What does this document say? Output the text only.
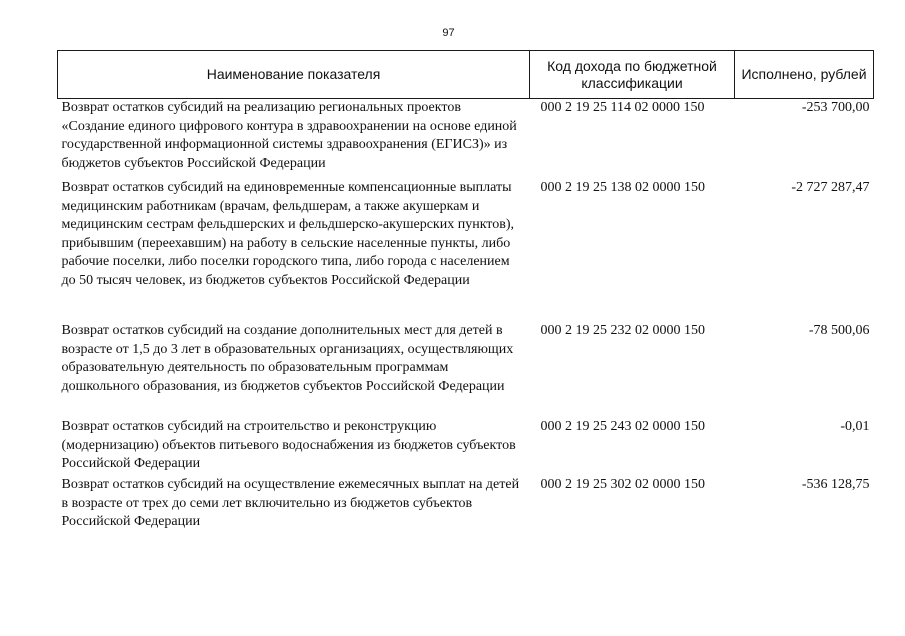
97
Наименование показателя	Код дохода по бюджетной классификации	Исполнено, рублей
Возврат остатков субсидий на реализацию региональных проектов «Создание единого цифрового контура в здравоохранении на основе единой государственной информационной системы здравоохранения (ЕГИСЗ)» из бюджетов субъектов Российской Федерации	000 2 19 25 114 02 0000 150	-253 700,00
Возврат остатков субсидий на единовременные компенсационные выплаты медицинским работникам (врачам, фельдшерам, а также акушеркам и медицинским сестрам фельдшерских и фельдшерско-акушерских пунктов), прибывшим (переехавшим) на работу в сельские населенные пункты, либо рабочие поселки, либо поселки городского типа, либо города с населением до 50 тысяч человек, из бюджетов субъектов Российской Федерации	000 2 19 25 138 02 0000 150	-2 727 287,47
Возврат остатков субсидий на создание дополнительных мест для детей в возрасте от 1,5 до 3 лет в образовательных организациях, осуществляющих образовательную деятельность по образовательным программам дошкольного образования, из бюджетов субъектов Российской Федерации	000 2 19 25 232 02 0000 150	-78 500,06
Возврат остатков субсидий на строительство и реконструкцию (модернизацию) объектов питьевого водоснабжения из бюджетов субъектов Российской Федерации	000 2 19 25 243 02 0000 150	-0,01
Возврат остатков субсидий на осуществление ежемесячных выплат на детей в возрасте от трех до семи лет включительно из бюджетов субъектов Российской Федерации	000 2 19 25 302 02 0000 150	-536 128,75
